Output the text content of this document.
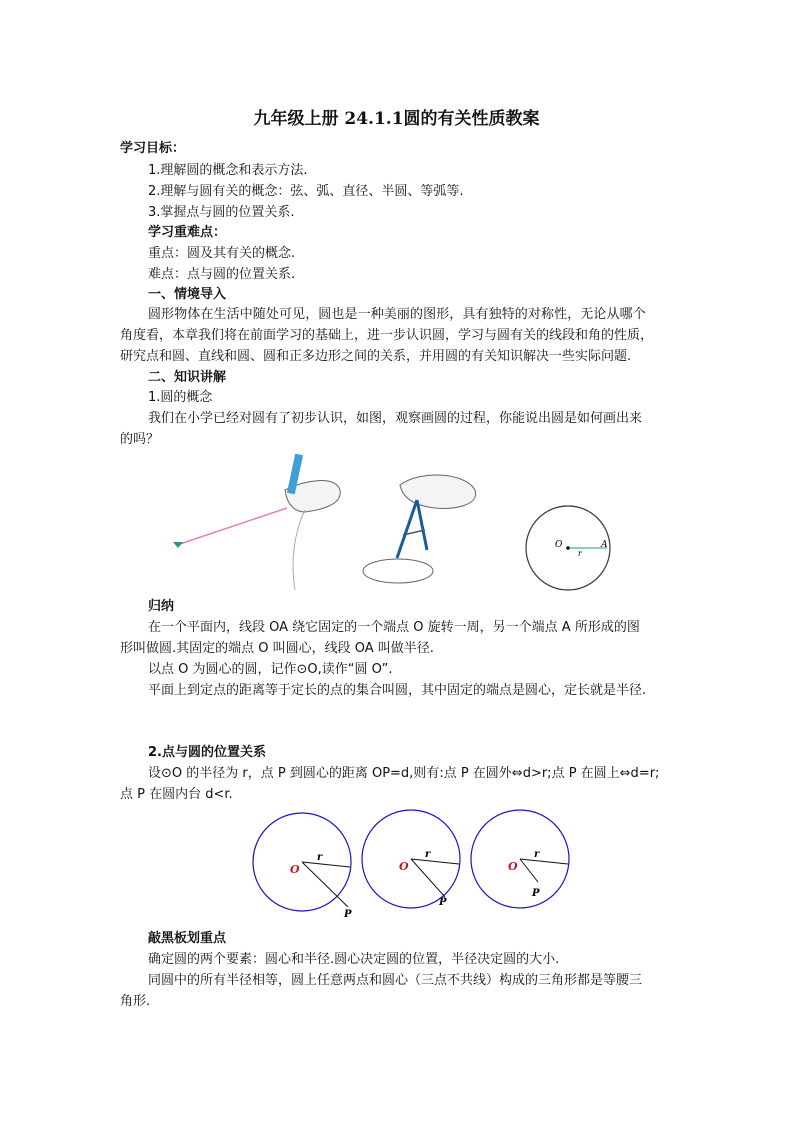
九年级上册 24.1.1圆的有关性质教案
学习目标：
1.理解圆的概念和表示方法.
2.理解与圆有关的概念：弦、弧、直径、半圆、等弧等.
3.掌握点与圆的位置关系.
学习重难点：
重点：圆及其有关的概念.
难点：点与圆的位置关系.
一、情境导入
圆形物体在生活中随处可见，圆也是一种美丽的图形，具有独特的对称性，无论从哪个
角度看，本章我们将在前面学习的基础上，进一步认识圆，学习与圆有关的线段和角的性质，
研究点和圆、直线和圆、圆和正多边形之间的关系，并用圆的有关知识解决一些实际问题.
二、知识讲解
1.圆的概念
我们在小学已经对圆有了初步认识，如图，观察画圆的过程，你能说出圆是如何画出来
的吗？
O	A
r
归纳
在一个平面内，线段 OA 绕它固定的一个端点 O 旋转一周，另一个端点 A 所形成的图
形叫做圆.其固定的端点 O 叫圆心，线段 OA 叫做半径.
以点 O 为圆心的圆，记作⊙O,读作“圆 O”.
平面上到定点的距离等于定长的点的集合叫圆，其中固定的端点是圆心，定长就是半径.
2.点与圆的位置关系
设⊙O 的半径为 r，点 P 到圆心的距离 OP=d,则有:点 P 在圆外⇔d>r;点 P 在圆上⇔d=r;
点 P 在圆内台 d<r.
O
r
P
O
r
P
O
r
P
敲黑板划重点
确定圆的两个要素：圆心和半径.圆心决定圆的位置，半径决定圆的大小.
同圆中的所有半径相等，圆上任意两点和圆心（三点不共线）构成的三角形都是等腰三
角形.
